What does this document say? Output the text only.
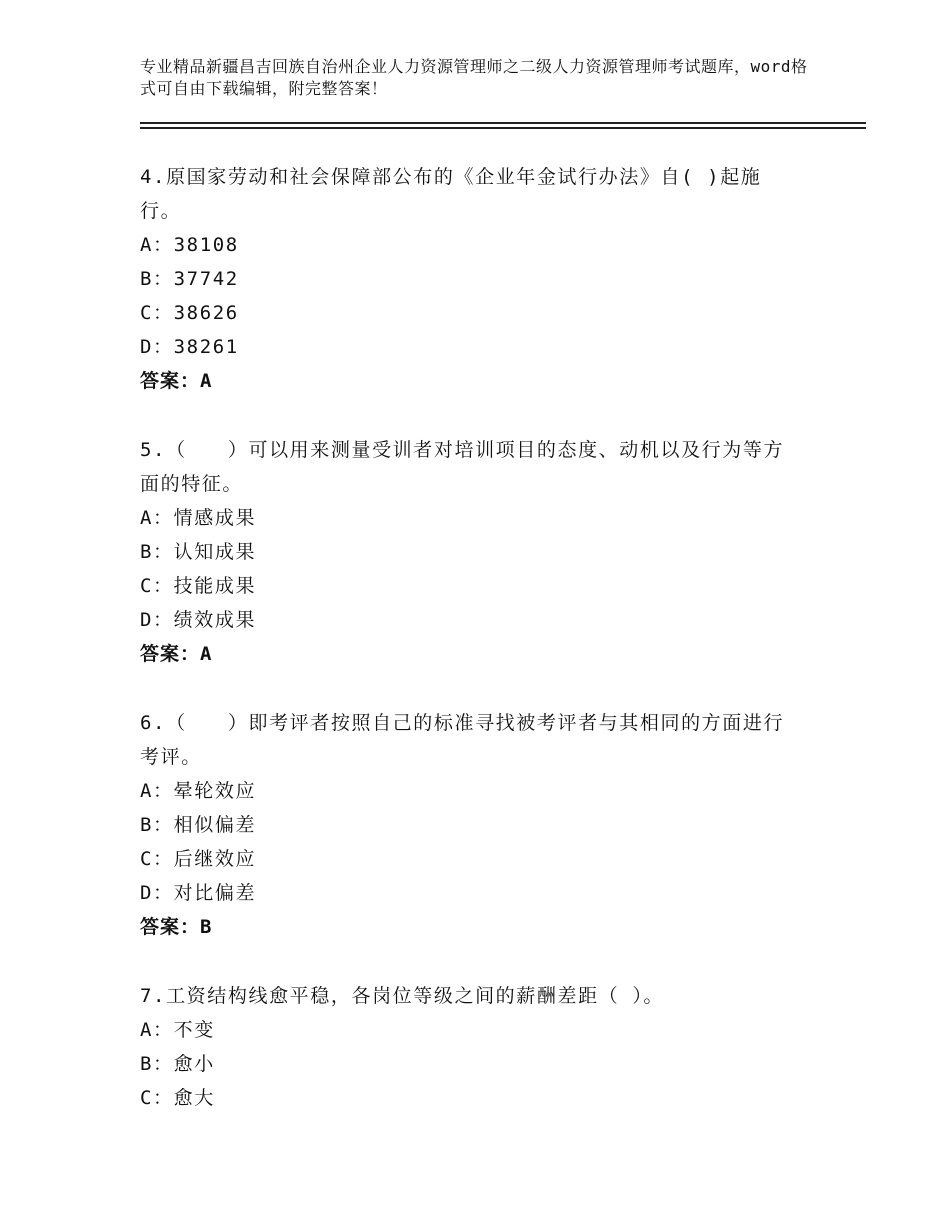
专业精品新疆昌吉回族自治州企业人力资源管理师之二级人力资源管理师考试题库，word格式可自由下载编辑，附完整答案！

4.原国家劳动和社会保障部公布的《企业年金试行办法》自( )起施行。

A：38108

B：37742

C：38626

D：38261

答案：A

5.（　　）可以用来测量受训者对培训项目的态度、动机以及行为等方面的特征。

A：情感成果

B：认知成果

C：技能成果

D：绩效成果

答案：A

6.（　　）即考评者按照自己的标准寻找被考评者与其相同的方面进行考评。

A：晕轮效应

B：相似偏差

C：后继效应

D：对比偏差

答案：B

7.工资结构线愈平稳，各岗位等级之间的薪酬差距（ ）。

A：不变

B：愈小

C：愈大
